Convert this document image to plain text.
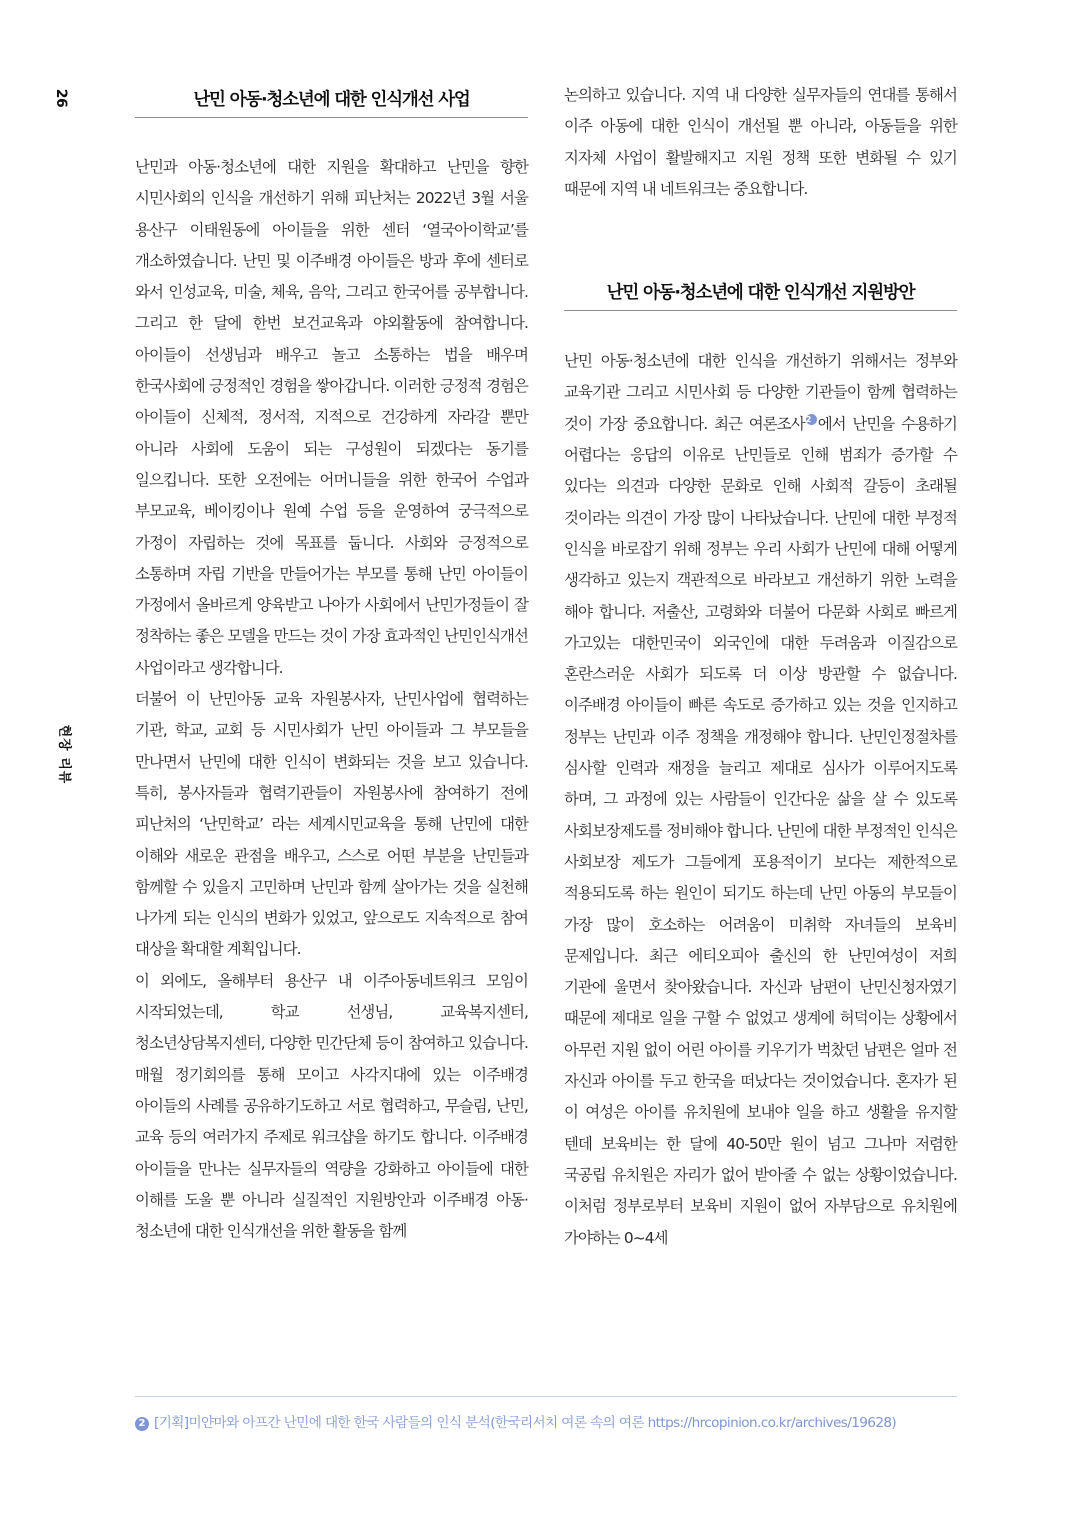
26
현장 리뷰
난민 아동·청소년에 대한 인식개선 사업

난민과 아동·청소년에 대한 지원을 확대하고 난민을 향한 시민사회의 인식을 개선하기 위해 피난처는 2022년 3월 서울 용산구 이태원동에 아이들을 위한 센터 ‘열국아이학교’를 개소하였습니다. 난민 및 이주배경 아이들은 방과 후에 센터로 와서 인성교육, 미술, 체육, 음악, 그리고 한국어를 공부합니다. 그리고 한 달에 한번 보건교육과 야외활동에 참여합니다. 아이들이 선생님과 배우고 놀고 소통하는 법을 배우며 한국사회에 긍정적인 경험을 쌓아갑니다. 이러한 긍정적 경험은 아이들이 신체적, 정서적, 지적으로 건강하게 자라갈 뿐만 아니라 사회에 도움이 되는 구성원이 되겠다는 동기를 일으킵니다. 또한 오전에는 어머니들을 위한 한국어 수업과 부모교육, 베이킹이나 원예 수업 등을 운영하여 궁극적으로 가정이 자립하는 것에 목표를 둡니다. 사회와 긍정적으로 소통하며 자립 기반을 만들어가는 부모를 통해 난민 아이들이 가정에서 올바르게 양육받고 나아가 사회에서 난민가정들이 잘 정착하는 좋은 모델을 만드는 것이 가장 효과적인 난민인식개선 사업이라고 생각합니다.

더불어 이 난민아동 교육 자원봉사자, 난민사업에 협력하는 기관, 학교, 교회 등 시민사회가 난민 아이들과 그 부모들을 만나면서 난민에 대한 인식이 변화되는 것을 보고 있습니다. 특히, 봉사자들과 협력기관들이 자원봉사에 참여하기 전에 피난처의 ‘난민학교’ 라는 세계시민교육을 통해 난민에 대한 이해와 새로운 관점을 배우고, 스스로 어떤 부분을 난민들과 함께할 수 있을지 고민하며 난민과 함께 살아가는 것을 실천해 나가게 되는 인식의 변화가 있었고, 앞으로도 지속적으로 참여 대상을 확대할 계획입니다.

이 외에도, 올해부터 용산구 내 이주아동네트워크 모임이 시작되었는데, 학교 선생님, 교육복지센터, 청소년상담복지센터, 다양한 민간단체 등이 참여하고 있습니다. 매월 정기회의를 통해 모이고 사각지대에 있는 이주배경 아이들의 사례를 공유하기도하고 서로 협력하고, 무슬림, 난민, 교육 등의 여러가지 주제로 워크샵을 하기도 합니다. 이주배경 아이들을 만나는 실무자들의 역량을 강화하고 아이들에 대한 이해를 도울 뿐 아니라 실질적인 지원방안과 이주배경 아동·청소년에 대한 인식개선을 위한 활동을 함께

논의하고 있습니다. 지역 내 다양한 실무자들의 연대를 통해서 이주 아동에 대한 인식이 개선될 뿐 아니라, 아동들을 위한 지자체 사업이 활발해지고 지원 정책 또한 변화될 수 있기 때문에 지역 내 네트워크는 중요합니다.

난민 아동·청소년에 대한 인식개선 지원방안

난민 아동·청소년에 대한 인식을 개선하기 위해서는 정부와 교육기관 그리고 시민사회 등 다양한 기관들이 함께 협력하는 것이 가장 중요합니다. 최근 여론조사2 에서 난민을 수용하기 어렵다는 응답의 이유로 난민들로 인해 범죄가 증가할 수 있다는 의견과 다양한 문화로 인해 사회적 갈등이 초래될 것이라는 의견이 가장 많이 나타났습니다. 난민에 대한 부정적 인식을 바로잡기 위해 정부는 우리 사회가 난민에 대해 어떻게 생각하고 있는지 객관적으로 바라보고 개선하기 위한 노력을 해야 합니다. 저출산, 고령화와 더불어 다문화 사회로 빠르게 가고있는 대한민국이 외국인에 대한 두려움과 이질감으로 혼란스러운 사회가 되도록 더 이상 방관할 수 없습니다. 이주배경 아이들이 빠른 속도로 증가하고 있는 것을 인지하고 정부는 난민과 이주 정책을 개정해야 합니다. 난민인정절차를 심사할 인력과 재정을 늘리고 제대로 심사가 이루어지도록 하며, 그 과정에 있는 사람들이 인간다운 삶을 살 수 있도록 사회보장제도를 정비해야 합니다. 난민에 대한 부정적인 인식은 사회보장 제도가 그들에게 포용적이기 보다는 제한적으로 적용되도록 하는 원인이 되기도 하는데 난민 아동의 부모들이 가장 많이 호소하는 어려움이 미취학 자녀들의 보육비 문제입니다. 최근 에티오피아 출신의 한 난민여성이 저희 기관에 울면서 찾아왔습니다. 자신과 남편이 난민신청자였기 때문에 제대로 일을 구할 수 없었고 생계에 허덕이는 상황에서 아무런 지원 없이 어린 아이를 키우기가 벅찼던 남편은 얼마 전 자신과 아이를 두고 한국을 떠났다는 것이었습니다. 혼자가 된 이 여성은 아이를 유치원에 보내야 일을 하고 생활을 유지할 텐데 보육비는 한 달에 40-50만 원이 넘고 그나마 저렴한 국공립 유치원은 자리가 없어 받아줄 수 없는 상황이었습니다. 이처럼 정부로부터 보육비 지원이 없어 자부담으로 유치원에 가야하는 0~4세

2 [기획]미얀마와 아프간 난민에 대한 한국 사람들의 인식 분석(한국리서치 여론 속의 여론 https://hrcopinion.co.kr/archives/19628)
